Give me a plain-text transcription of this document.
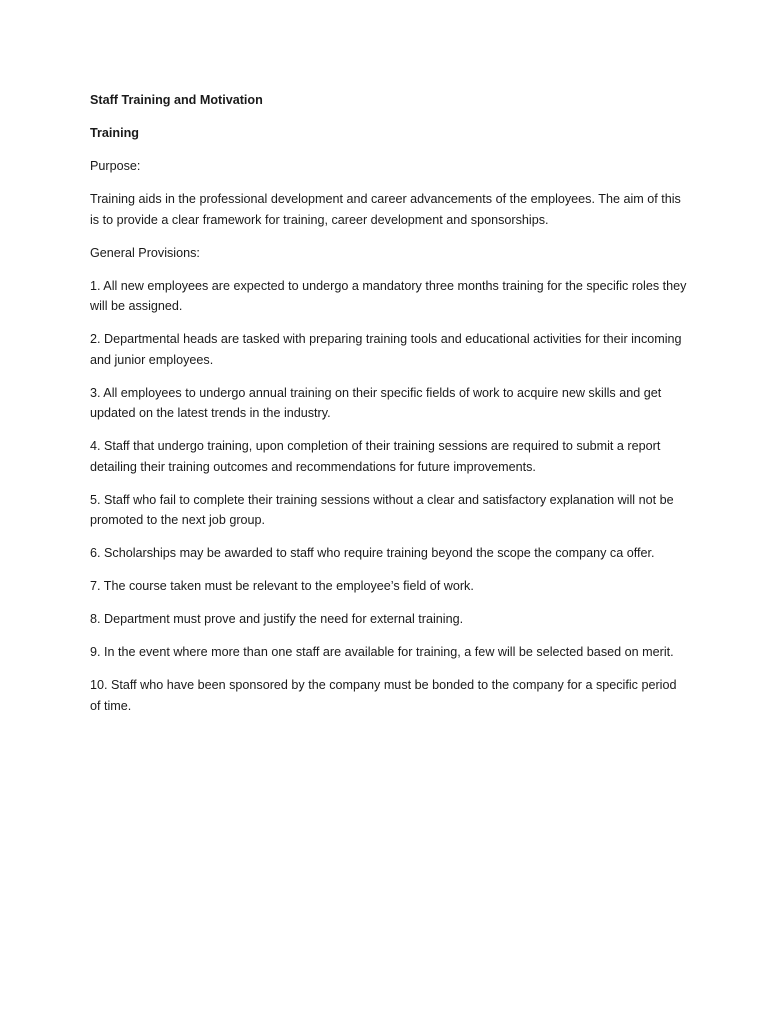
Staff Training and Motivation

Training

Purpose:

Training aids in the professional development and career advancements of the employees. The aim of this is to provide a clear framework for training, career development and sponsorships.

General Provisions:

1. All new employees are expected to undergo a mandatory three months training for the specific roles they will be assigned.

2. Departmental heads are tasked with preparing training tools and educational activities for their incoming and junior employees.

3. All employees to undergo annual training on their specific fields of work to acquire new skills and get updated on the latest trends in the industry.

4. Staff that undergo training, upon completion of their training sessions are required to submit a report detailing their training outcomes and recommendations for future improvements.

5. Staff who fail to complete their training sessions without a clear and satisfactory explanation will not be promoted to the next job group.

6. Scholarships may be awarded to staff who require training beyond the scope the company ca offer.

7. The course taken must be relevant to the employee’s field of work.

8. Department must prove and justify the need for external training.

9. In the event where more than one staff are available for training, a few will be selected based on merit.

10. Staff who have been sponsored by the company must be bonded to the company for a specific period of time.
